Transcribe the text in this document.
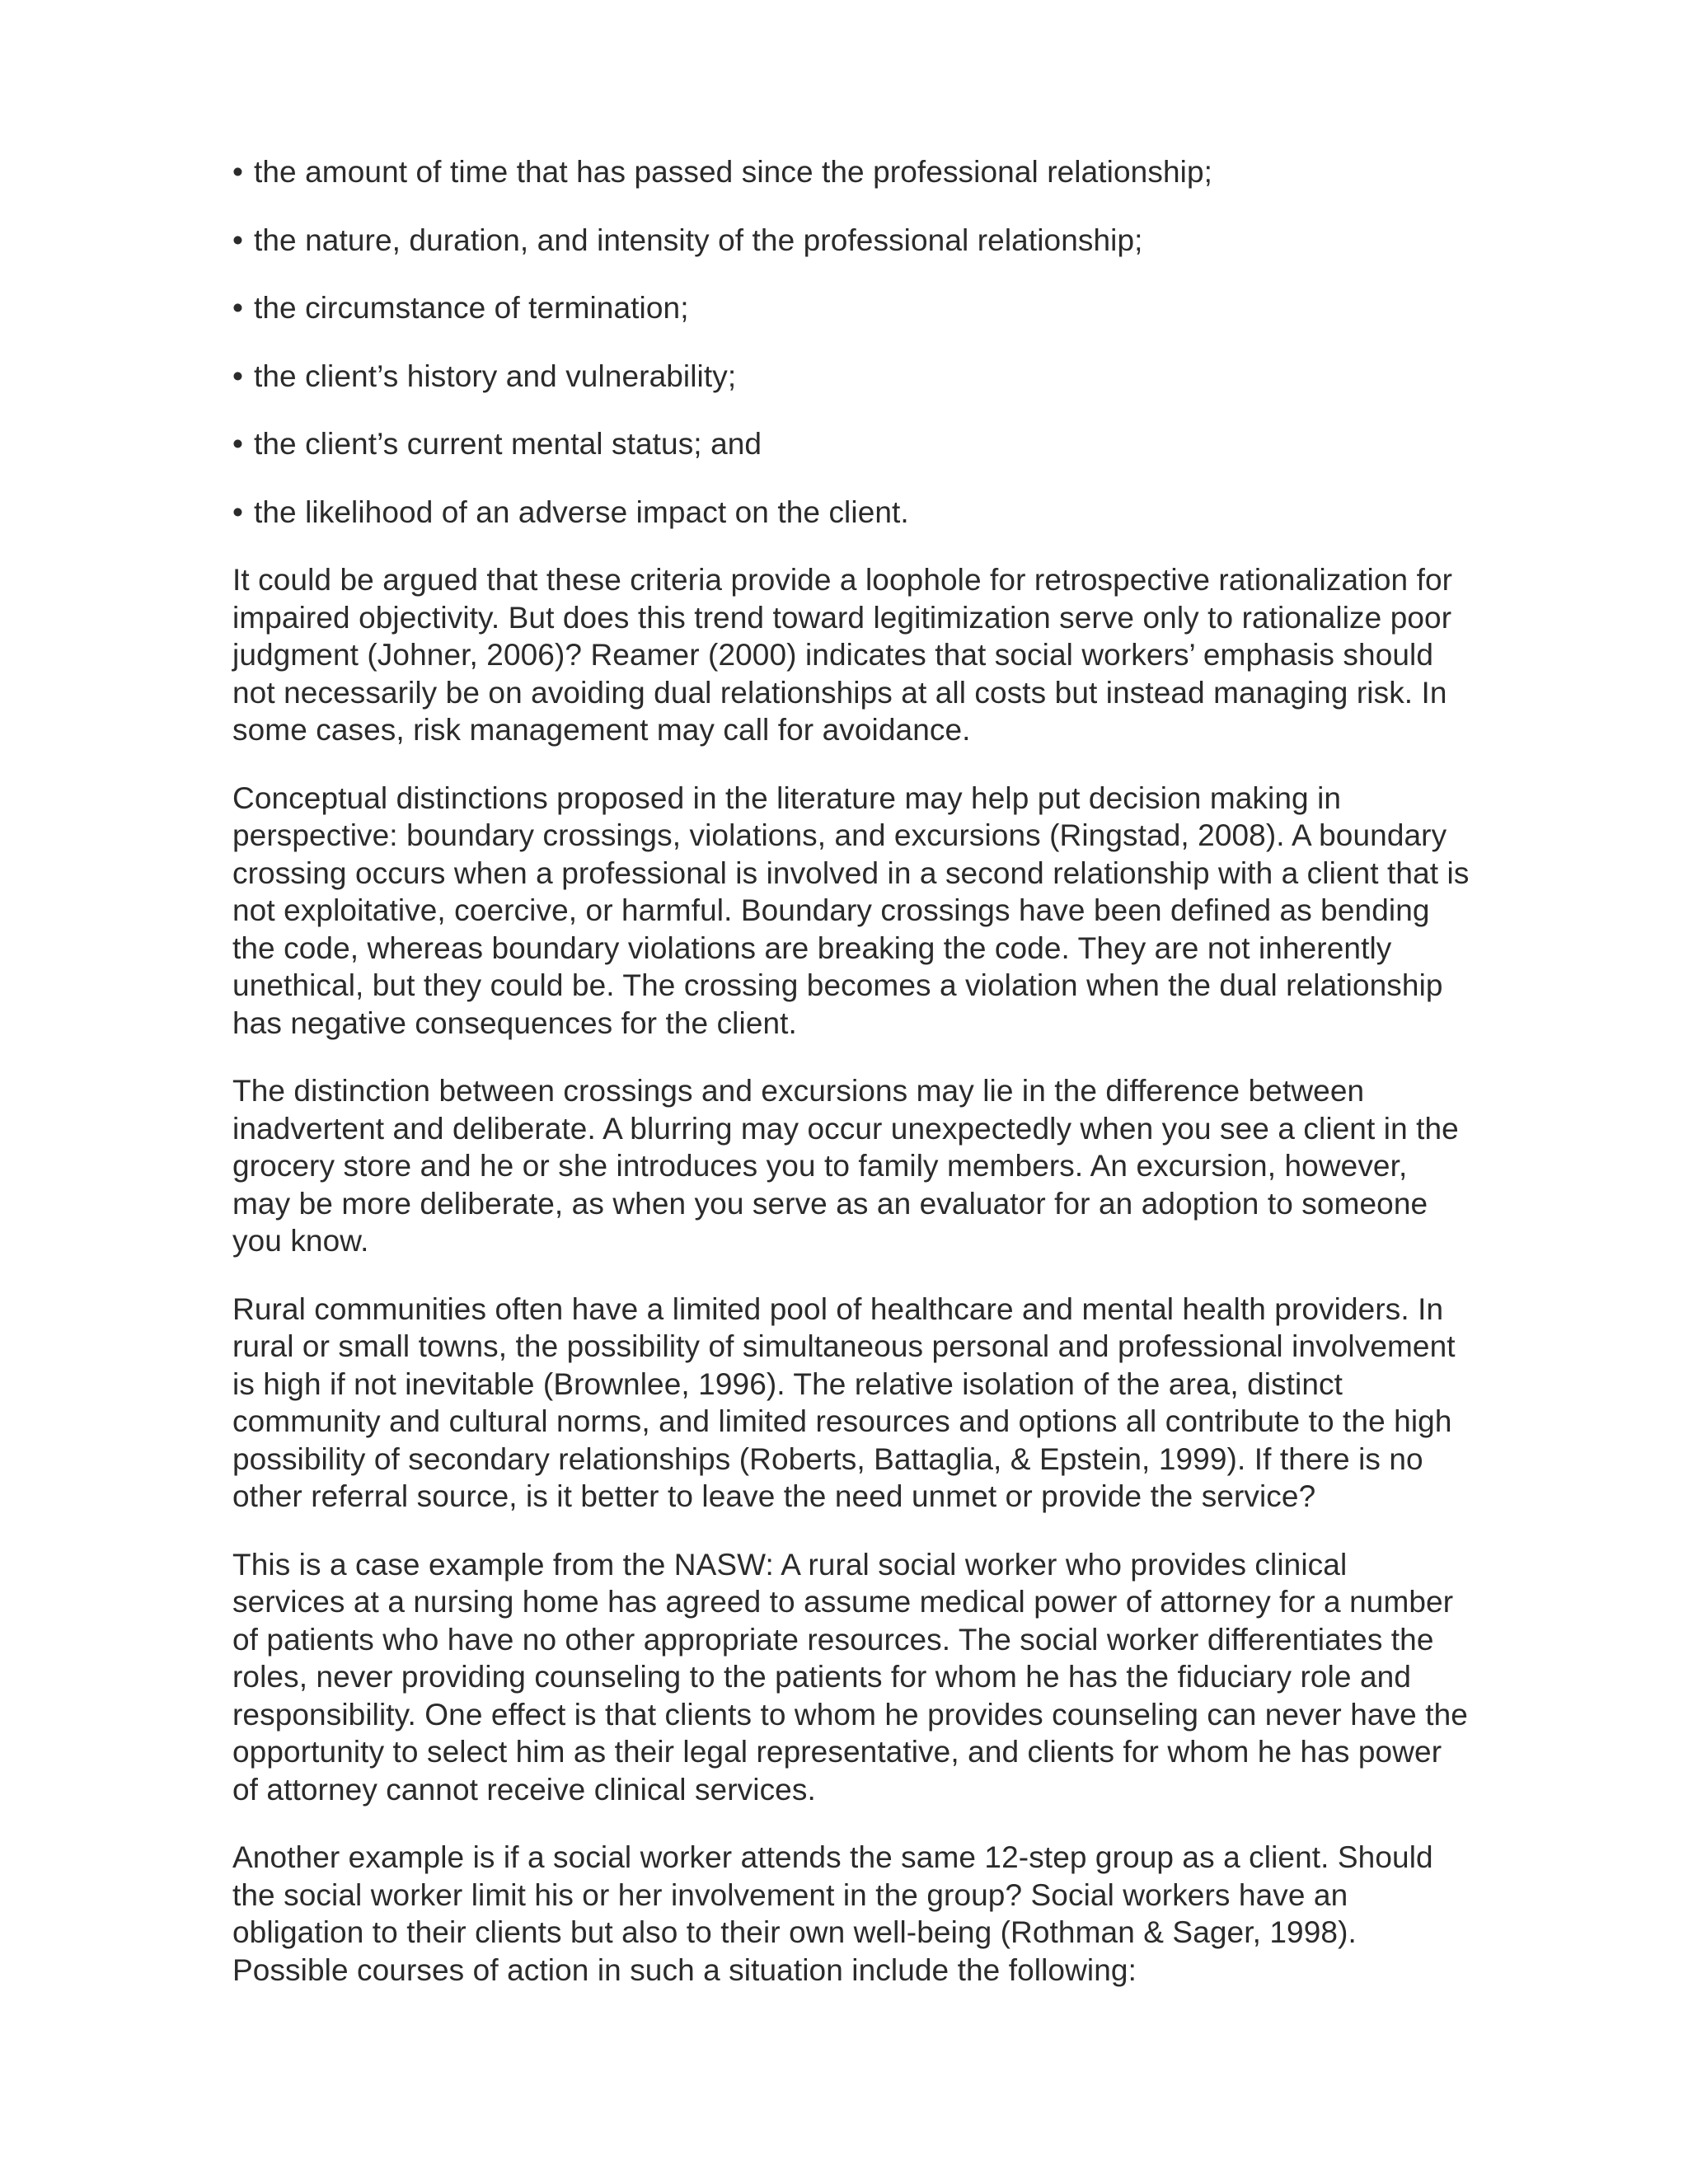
• the amount of time that has passed since the professional relationship;
• the nature, duration, and intensity of the professional relationship;
• the circumstance of termination;
• the client’s history and vulnerability;
• the client’s current mental status; and
• the likelihood of an adverse impact on the client.
It could be argued that these criteria provide a loophole for retrospective rationalization for
impaired objectivity. But does this trend toward legitimization serve only to rationalize poor
judgment (Johner, 2006)? Reamer (2000) indicates that social workers’ emphasis should
not necessarily be on avoiding dual relationships at all costs but instead managing risk. In
some cases, risk management may call for avoidance.
Conceptual distinctions proposed in the literature may help put decision making in
perspective: boundary crossings, violations, and excursions (Ringstad, 2008). A boundary
crossing occurs when a professional is involved in a second relationship with a client that is
not exploitative, coercive, or harmful. Boundary crossings have been defined as bending
the code, whereas boundary violations are breaking the code. They are not inherently
unethical, but they could be. The crossing becomes a violation when the dual relationship
has negative consequences for the client.
The distinction between crossings and excursions may lie in the difference between
inadvertent and deliberate. A blurring may occur unexpectedly when you see a client in the
grocery store and he or she introduces you to family members. An excursion, however,
may be more deliberate, as when you serve as an evaluator for an adoption to someone
you know.
Rural communities often have a limited pool of healthcare and mental health providers. In
rural or small towns, the possibility of simultaneous personal and professional involvement
is high if not inevitable (Brownlee, 1996). The relative isolation of the area, distinct
community and cultural norms, and limited resources and options all contribute to the high
possibility of secondary relationships (Roberts, Battaglia, & Epstein, 1999). If there is no
other referral source, is it better to leave the need unmet or provide the service?
This is a case example from the NASW: A rural social worker who provides clinical
services at a nursing home has agreed to assume medical power of attorney for a number
of patients who have no other appropriate resources. The social worker differentiates the
roles, never providing counseling to the patients for whom he has the fiduciary role and
responsibility. One effect is that clients to whom he provides counseling can never have the
opportunity to select him as their legal representative, and clients for whom he has power
of attorney cannot receive clinical services.
Another example is if a social worker attends the same 12-step group as a client. Should
the social worker limit his or her involvement in the group? Social workers have an
obligation to their clients but also to their own well-being (Rothman & Sager, 1998).
Possible courses of action in such a situation include the following:
